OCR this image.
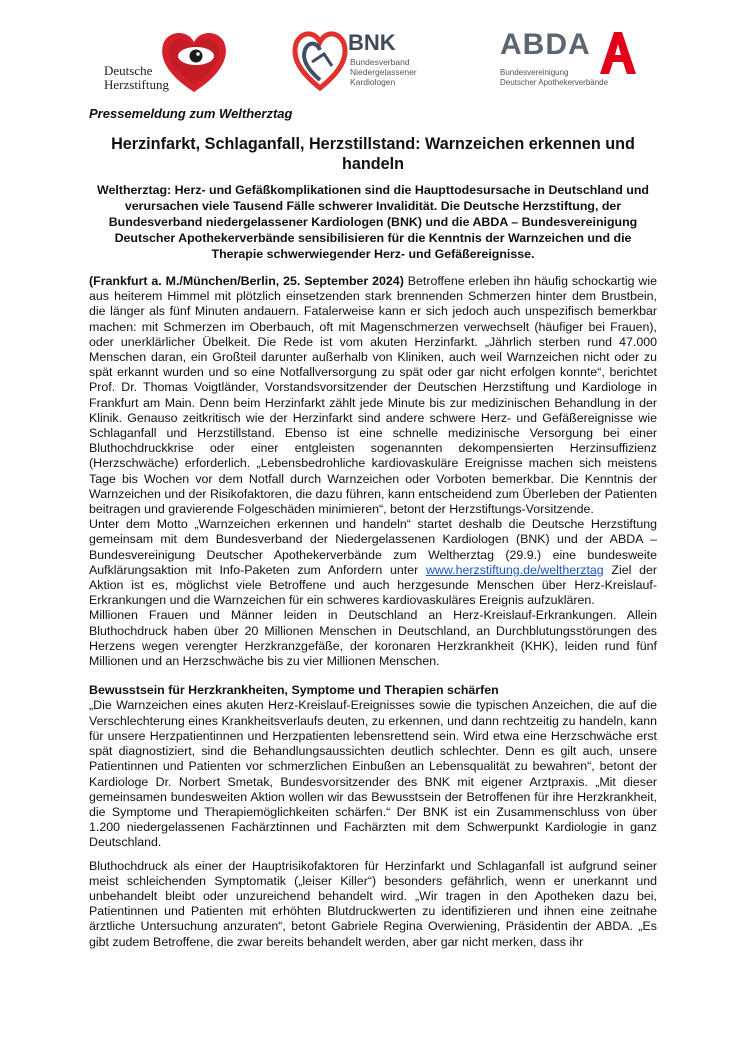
Deutsche
Herzstiftung
BNK
Bundesverband
Niedergelassener
Kardiologen
ABDA
Bundesvereinigung
Deutscher Apothekerverbände
Pressemeldung zum Weltherztag
Herzinfarkt, Schlaganfall, Herzstillstand: Warnzeichen erkennen und handeln
Weltherztag: Herz- und Gefäßkomplikationen sind die Haupttodesursache in Deutschland und verursachen viele Tausend Fälle schwerer Invalidität. Die Deutsche Herzstiftung, der Bundesverband niedergelassener Kardiologen (BNK) und die ABDA – Bundesvereinigung Deutscher Apothekerverbände sensibilisieren für die Kenntnis der Warnzeichen und die Therapie schwerwiegender Herz- und Gefäßereignisse.

(Frankfurt a. M./München/Berlin, 25. September 2024) Betroffene erleben ihn häufig schockartig wie aus heiterem Himmel mit plötzlich einsetzenden stark brennenden Schmerzen hinter dem Brustbein, die länger als fünf Minuten andauern. Fatalerweise kann er sich jedoch auch unspezifisch bemerkbar machen: mit Schmerzen im Oberbauch, oft mit Magenschmerzen verwechselt (häufiger bei Frauen), oder unerklärlicher Übelkeit. Die Rede ist vom akuten Herzinfarkt. „Jährlich sterben rund 47.000 Menschen daran, ein Großteil darunter außerhalb von Kliniken, auch weil Warnzeichen nicht oder zu spät erkannt wurden und so eine Notfallversorgung zu spät oder gar nicht erfolgen konnte“, berichtet Prof. Dr. Thomas Voigtländer, Vorstandsvorsitzender der Deutschen Herzstiftung und Kardiologe in Frankfurt am Main. Denn beim Herzinfarkt zählt jede Minute bis zur medizinischen Behandlung in der Klinik. Genauso zeitkritisch wie der Herzinfarkt sind andere schwere Herz- und Gefäßereignisse wie Schlaganfall und Herzstillstand. Ebenso ist eine schnelle medizinische Versorgung bei einer Bluthochdruckkrise oder einer entgleisten sogenannten dekompensierten Herzinsuffizienz (Herzschwäche) erforderlich. „Lebensbedrohliche kardiovaskuläre Ereignisse machen sich meistens Tage bis Wochen vor dem Notfall durch Warnzeichen oder Vorboten bemerkbar. Die Kenntnis der Warnzeichen und der Risikofaktoren, die dazu führen, kann entscheidend zum Überleben der Patienten beitragen und gravierende Folgeschäden minimieren“, betont der Herzstiftungs-Vorsitzende.

Unter dem Motto „Warnzeichen erkennen und handeln“ startet deshalb die Deutsche Herzstiftung gemeinsam mit dem Bundesverband der Niedergelassenen Kardiologen (BNK) und der ABDA – Bundesvereinigung Deutscher Apothekerverbände zum Weltherztag (29.9.) eine bundesweite Aufklärungsaktion mit Info-Paketen zum Anfordern unter www.herzstiftung.de/weltherztag Ziel der Aktion ist es, möglichst viele Betroffene und auch herzgesunde Menschen über Herz-Kreislauf-Erkrankungen und die Warnzeichen für ein schweres kardiovaskuläres Ereignis aufzuklären.

Millionen Frauen und Männer leiden in Deutschland an Herz-Kreislauf-Erkrankungen. Allein Bluthochdruck haben über 20 Millionen Menschen in Deutschland, an Durchblutungsstörungen des Herzens wegen verengter Herzkranzgefäße, der koronaren Herzkrankheit (KHK), leiden rund fünf Millionen und an Herzschwäche bis zu vier Millionen Menschen.

Bewusstsein für Herzkrankheiten, Symptome und Therapien schärfen

„Die Warnzeichen eines akuten Herz-Kreislauf-Ereignisses sowie die typischen Anzeichen, die auf die Verschlechterung eines Krankheitsverlaufs deuten, zu erkennen, und dann rechtzeitig zu handeln, kann für unsere Herzpatientinnen und Herzpatienten lebensrettend sein. Wird etwa eine Herzschwäche erst spät diagnostiziert, sind die Behandlungsaussichten deutlich schlechter. Denn es gilt auch, unsere Patientinnen und Patienten vor schmerzlichen Einbußen an Lebensqualität zu bewahren“, betont der Kardiologe Dr. Norbert Smetak, Bundesvorsitzender des BNK mit eigener Arztpraxis. „Mit dieser gemeinsamen bundesweiten Aktion wollen wir das Bewusstsein der Betroffenen für ihre Herzkrankheit, die Symptome und Therapiemöglichkeiten schärfen.“ Der BNK ist ein Zusammenschluss von über 1.200 niedergelassenen Fachärztinnen und Fachärzten mit dem Schwerpunkt Kardiologie in ganz Deutschland.

Bluthochdruck als einer der Hauptrisikofaktoren für Herzinfarkt und Schlaganfall ist aufgrund seiner meist schleichenden Symptomatik („leiser Killer“) besonders gefährlich, wenn er unerkannt und unbehandelt bleibt oder unzureichend behandelt wird. „Wir tragen in den Apotheken dazu bei, Patientinnen und Patienten mit erhöhten Blutdruckwerten zu identifizieren und ihnen eine zeitnahe ärztliche Untersuchung anzuraten“, betont Gabriele Regina Overwiening, Präsidentin der ABDA. „Es gibt zudem Betroffene, die zwar bereits behandelt werden, aber gar nicht merken, dass ihr
